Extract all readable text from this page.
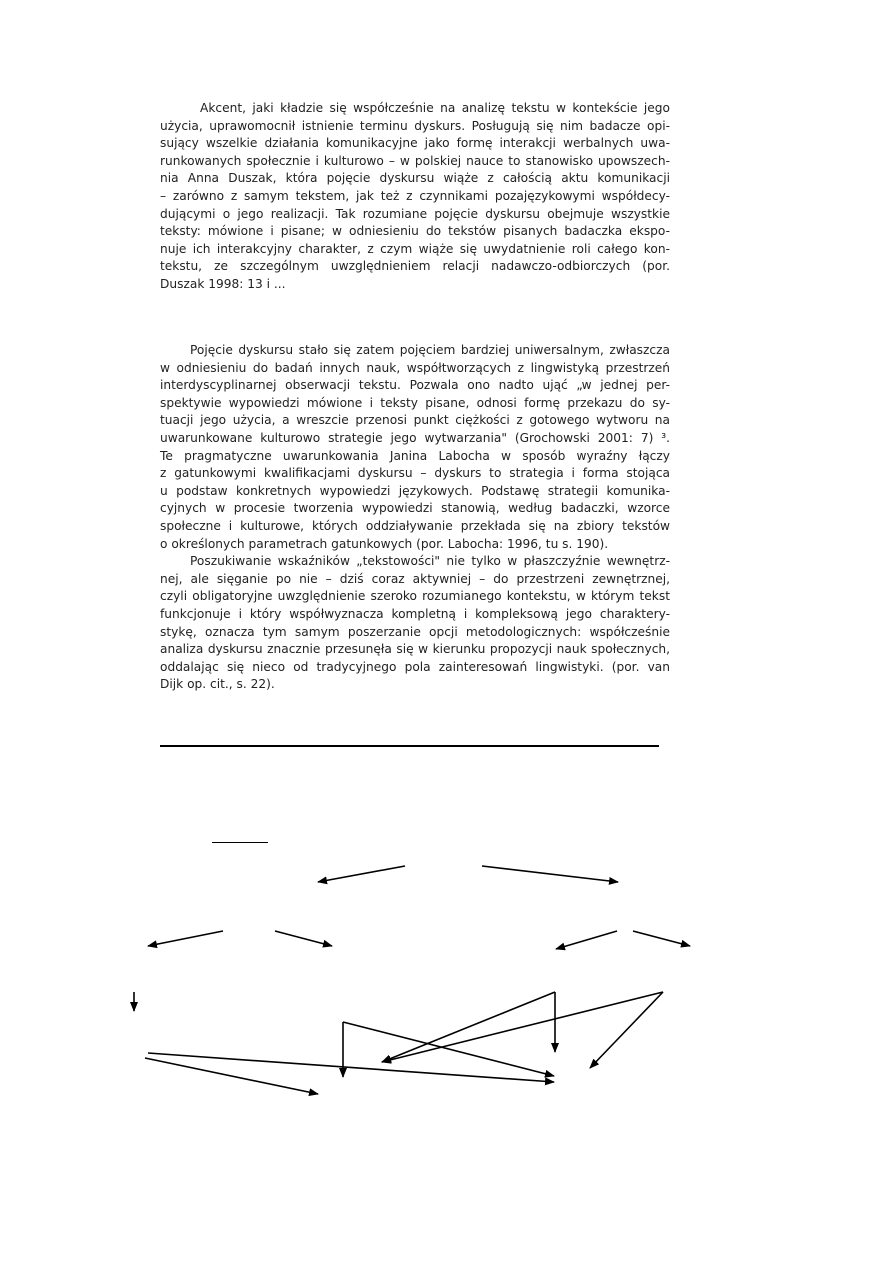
Akcent, jaki kładzie się współcześnie na analizę tekstu w kontekście jego
użycia, uprawomocnił istnienie terminu dyskurs. Posługują się nim badacze opi-
sujący wszelkie działania komunikacyjne jako formę interakcji werbalnych uwa-
runkowanych społecznie i kulturowo – w polskiej nauce to stanowisko upowszech-
nia Anna Duszak, która pojęcie dyskursu wiąże z całością aktu komunikacji
– zarówno z samym tekstem, jak też z czynnikami pozajęzykowymi współdecy-
dującymi o jego realizacji. Tak rozumiane pojęcie dyskursu obejmuje wszystkie
teksty: mówione i pisane; w odniesieniu do tekstów pisanych badaczka ekspo-
nuje ich interakcyjny charakter, z czym wiąże się uwydatnienie roli całego kon-
tekstu, ze szczególnym uwzględnieniem relacji nadawczo-odbiorczych (por.
Duszak 1998: 13 i ...
Pojęcie dyskursu stało się zatem pojęciem bardziej uniwersalnym, zwłaszcza
w odniesieniu do badań innych nauk, współtworzących z lingwistyką przestrzeń
interdyscyplinarnej obserwacji tekstu. Pozwala ono nadto ująć „w jednej per-
spektywie wypowiedzi mówione i teksty pisane, odnosi formę przekazu do sy-
tuacji jego użycia, a wreszcie przenosi punkt ciężkości z gotowego wytworu na
uwarunkowane kulturowo strategie jego wytwarzania" (Grochowski 2001: 7) ³.
Te pragmatyczne uwarunkowania Janina Labocha w sposób wyraźny łączy
z gatunkowymi kwalifikacjami dyskursu – dyskurs to strategia i forma stojąca
u podstaw konkretnych wypowiedzi językowych. Podstawę strategii komunika-
cyjnych w procesie tworzenia wypowiedzi stanowią, według badaczki, wzorce
społeczne i kulturowe, których oddziaływanie przekłada się na zbiory tekstów
o określonych parametrach gatunkowych (por. Labocha: 1996, tu s. 190).
Poszukiwanie wskaźników „tekstowości" nie tylko w płaszczyźnie wewnętrz-
nej, ale sięganie po nie – dziś coraz aktywniej – do przestrzeni zewnętrznej,
czyli obligatoryjne uwzględnienie szeroko rozumianego kontekstu, w którym tekst
funkcjonuje i który współwyznacza kompletną i kompleksową jego charaktery-
stykę, oznacza tym samym poszerzanie opcji metodologicznych: współcześnie
analiza dyskursu znacznie przesunęła się w kierunku propozycji nauk społecznych,
oddalając się nieco od tradycyjnego pola zainteresowań lingwistyki. (por. van
Dijk op. cit., s. 22).
